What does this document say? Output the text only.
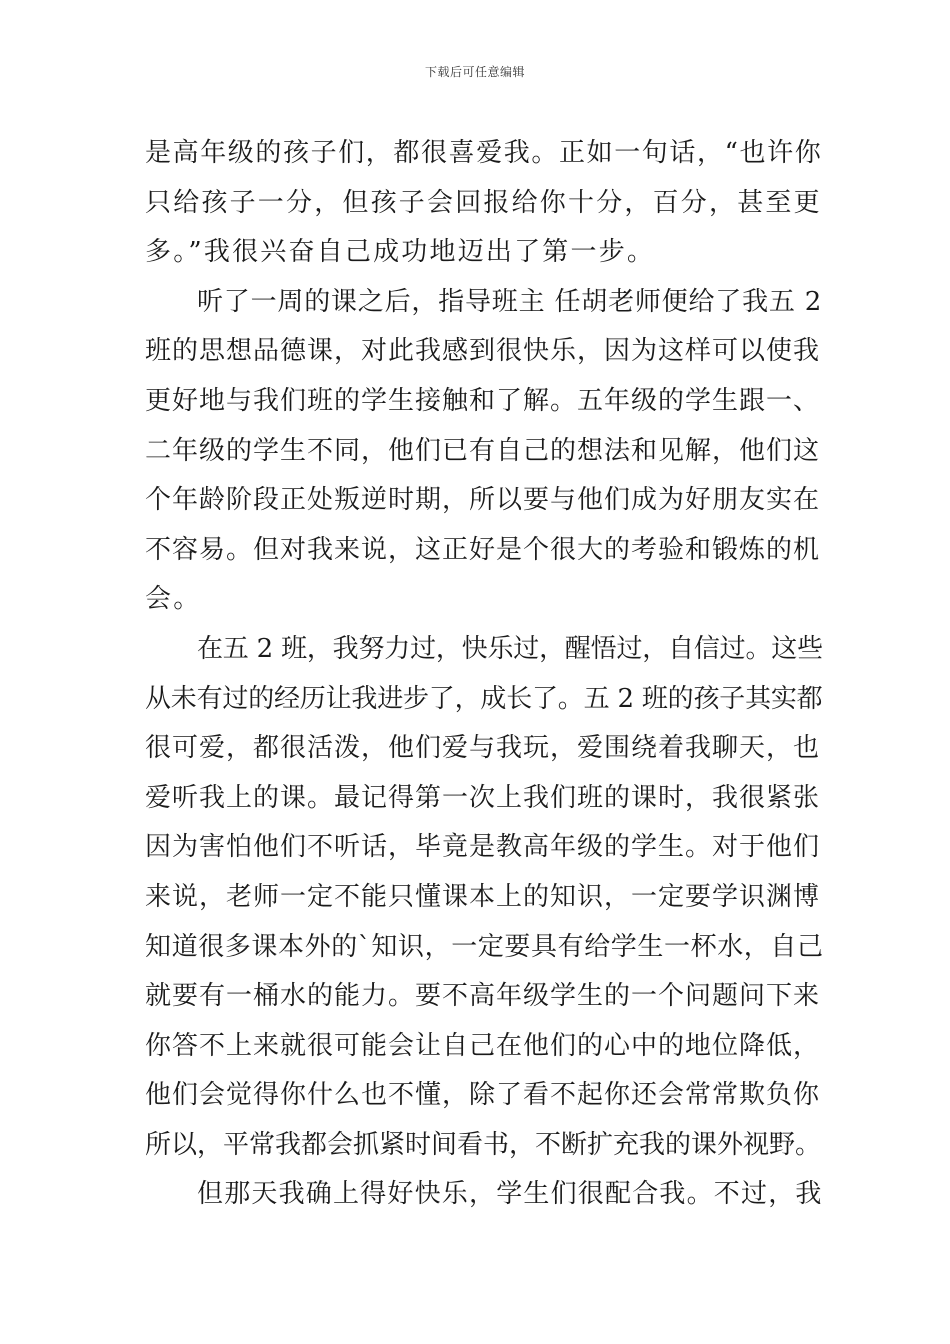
下载后可任意编辑
是高年级的孩子们，都很喜爱我。正如一句话，“也许你
只给孩子一分，但孩子会回报给你十分，百分，甚至更
多。”我很兴奋自己成功地迈出了第一步。
听了一周的课之后，指导班主 任胡老师便给了我五 2
班的思想品德课，对此我感到很快乐，因为这样可以使我
更好地与我们班的学生接触和了解。五年级的学生跟一、
二年级的学生不同，他们已有自己的想法和见解，他们这
个年龄阶段正处叛逆时期，所以要与他们成为好朋友实在
不容易。但对我来说，这正好是个很大的考验和锻炼的机
会。
在五 2 班，我努力过，快乐过，醒悟过，自信过。这些
从未有过的经历让我进步了，成长了。五 2 班的孩子其实都
很可爱，都很活泼，他们爱与我玩，爱围绕着我聊天，也
爱听我上的课。最记得第一次上我们班的课时，我很紧张
因为害怕他们不听话，毕竟是教高年级的学生。对于他们
来说，老师一定不能只懂课本上的知识，一定要学识渊博
知道很多课本外的`知识，一定要具有给学生一杯水，自己
就要有一桶水的能力。要不高年级学生的一个问题问下来
你答不上来就很可能会让自己在他们的心中的地位降低，
他们会觉得你什么也不懂，除了看不起你还会常常欺负你
所以，平常我都会抓紧时间看书，不断扩充我的课外视野。
但那天我确上得好快乐，学生们很配合我。不过，我
